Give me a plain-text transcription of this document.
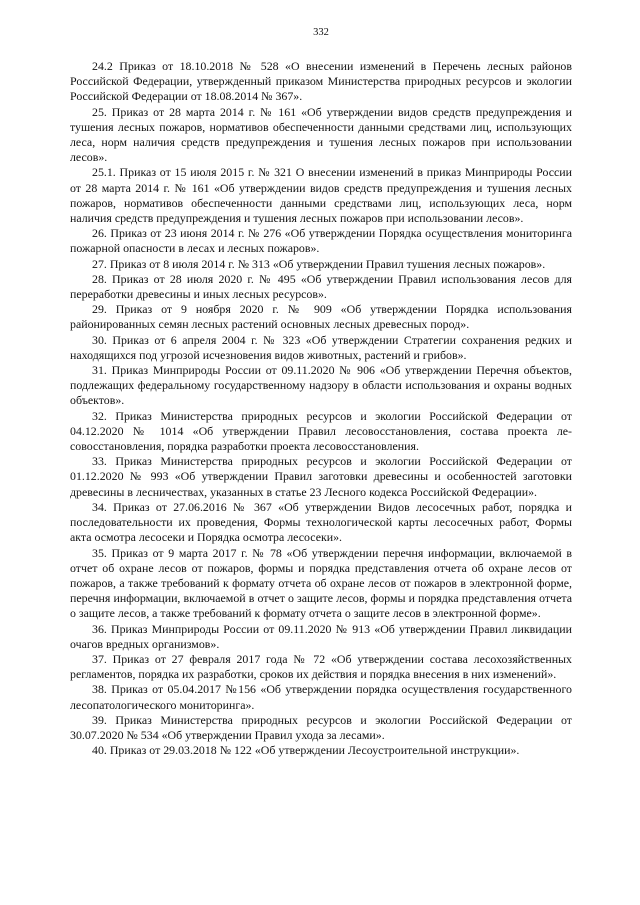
332

24.2 Приказ от 18.10.2018 № 528 «О внесении изменений в Перечень лесных районов Российской Федерации, утвержденный приказом Министерства природных ресурсов и экологии Российской Федерации от 18.08.2014 № 367».

25. Приказ от 28 марта 2014 г. № 161 «Об утверждении видов средств предупреждения и тушения лесных пожаров, нормативов обеспеченности данными средствами лиц, использующих леса, норм наличия средств предупреждения и тушения лесных пожаров при использовании лесов».

25.1. Приказ от 15 июля 2015 г. № 321 О внесении изменений в приказ Минприроды России от 28 марта 2014 г. № 161 «Об утверждении видов средств предупреждения и тушения лесных пожаров, нормативов обеспеченности данными средствами лиц, использующих леса, норм наличия средств предупреждения и тушения лесных пожаров при использовании лесов».

26. Приказ от 23 июня 2014 г. № 276 «Об утверждении Порядка осуществления мониторинга пожарной опасности в лесах и лесных пожаров».

27. Приказ от 8 июля 2014 г. № 313 «Об утверждении Правил тушения лесных пожаров».

28. Приказ от 28 июля 2020 г. № 495 «Об утверждении Правил использования лесов для переработки древесины и иных лесных ресурсов».

29. Приказ от 9 ноября 2020 г. № 909 «Об утверждении Порядка использования районированных семян лесных растений основных лесных древесных пород».

30. Приказ от 6 апреля 2004 г. № 323 «Об утверждении Стратегии сохранения редких и находящихся под угрозой исчезновения видов животных, растений и грибов».

31. Приказ Минприроды России от 09.11.2020 № 906 «Об утверждении Перечня объектов, подлежащих федеральному государственному надзору в области использования и охраны водных объектов».

32. Приказ Министерства природных ресурсов и экологии Российской Федерации от 04.12.2020 № 1014 «Об утверждении Правил лесовосстановления, состава проекта лесовосстановления, порядка разработки проекта лесовосстановления.

33. Приказ Министерства природных ресурсов и экологии Российской Федерации от 01.12.2020 № 993 «Об утверждении Правил заготовки древесины и особенностей заготовки древесины в лесничествах, указанных в статье 23 Лесного кодекса Российской Федерации».

34. Приказ от 27.06.2016 № 367 «Об утверждении Видов лесосечных работ, порядка и последовательности их проведения, Формы технологической карты лесосечных работ, Формы акта осмотра лесосеки и Порядка осмотра лесосеки».

35. Приказ от 9 марта 2017 г. № 78 «Об утверждении перечня информации, включаемой в отчет об охране лесов от пожаров, формы и порядка представления отчета об охране лесов от пожаров, а также требований к формату отчета об охране лесов от пожаров в электронной форме, перечня информации, включаемой в отчет о защите лесов, формы и порядка представления отчета о защите лесов, а также требований к формату отчета о защите лесов в электронной форме».

36. Приказ Минприроды России от 09.11.2020 № 913 «Об утверждении Правил ликвидации очагов вредных организмов».

37. Приказ от 27 февраля 2017 года № 72 «Об утверждении состава лесохозяйственных регламентов, порядка их разработки, сроков их действия и порядка внесения в них изменений».

38. Приказ от 05.04.2017 №156 «Об утверждении порядка осуществления государственного лесопатологического мониторинга».

39. Приказ Министерства природных ресурсов и экологии Российской Федерации от 30.07.2020 № 534 «Об утверждении Правил ухода за лесами».

40. Приказ от 29.03.2018 № 122 «Об утверждении Лесоустроительной инструкции».
